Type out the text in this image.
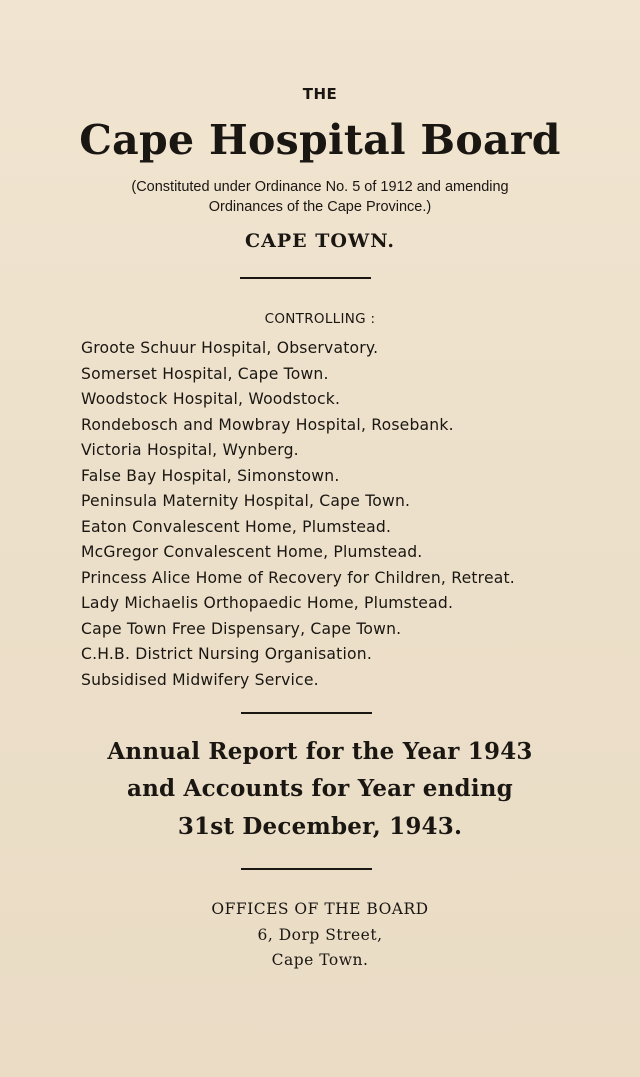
THE
Cape Hospital Board
(Constituted under Ordinance No. 5 of 1912 and amending
Ordinances of the Cape Province.)
CAPE TOWN.
CONTROLLING :
Groote Schuur Hospital, Observatory.
Somerset Hospital, Cape Town.
Woodstock Hospital, Woodstock.
Rondebosch and Mowbray Hospital, Rosebank.
Victoria Hospital, Wynberg.
False Bay Hospital, Simonstown.
Peninsula Maternity Hospital, Cape Town.
Eaton Convalescent Home, Plumstead.
McGregor Convalescent Home, Plumstead.
Princess Alice Home of Recovery for Children, Retreat.
Lady Michaelis Orthopaedic Home, Plumstead.
Cape Town Free Dispensary, Cape Town.
C.H.B. District Nursing Organisation.
Subsidised Midwifery Service.
Annual Report for the Year 1943
and Accounts for Year ending
31st December, 1943.
OFFICES OF THE BOARD
6, Dorp Street,
Cape Town.
